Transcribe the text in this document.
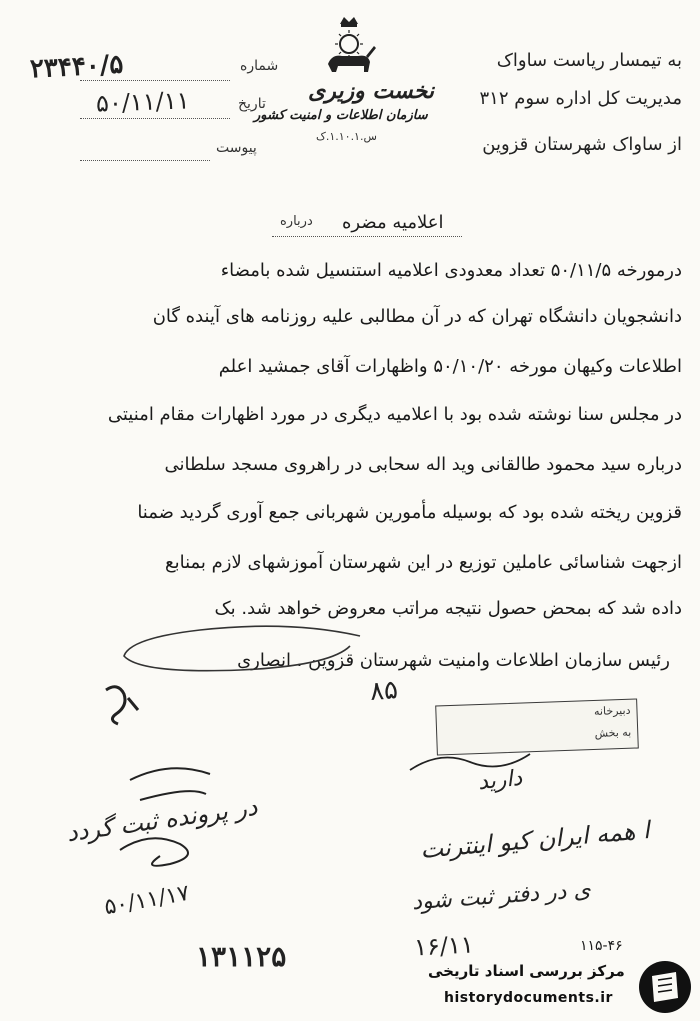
به تیمسار ریاست ساواک
مدیریت کل اداره سوم ۳۱۲
از ساواک شهرستان قزوین
شماره
۲۳۴۴۰/۵
تاریخ
۵۰/۱۱/۱۱
پیوست
نخست وزیری
سازمان اطلاعات و امنیت کشور
س.۱.۱۰.۱.ک
درباره اعلامیه مضره
درمورخه ۵۰/۱۱/۵ تعداد معدودی اعلامیه استنسیل شده بامضاء
دانشجویان دانشگاه تهران که در آن مطالبی علیه روزنامه های آینده گان
اطلاعات وکیهان مورخه ۵۰/۱۰/۲۰ واظهارات آقای جمشید اعلم
در مجلس سنا نوشته شده بود با اعلامیه دیگری در مورد اظهارات مقام امنیتی
درباره سید محمود طالقانی وید اله سحابی در راهروی مسجد سلطانی
قزوین ریخته شده بود که بوسیله مأمورین شهربانی جمع آوری گردید ضمنا
ازجهت شناسائی عاملین توزیع در این شهرستان آموزشهای لازم بمنابع
داده شد که بمحض حصول نتیجه مراتب معروض خواهد شد. بک
رئیس سازمان اطلاعات وامنیت شهرستان قزوین . انصاری
دبیرخانه
به بخش
۸۵
در پرونده ثبت گردد
۵۰/۱۱/۱۷
دارید
ا همه ایران کیو اینترنت
ی در دفتر ثبت شود
۱۶/۱۱
۱۳۱۱۲۵	۱۱۵-۴۶
مرکز بررسی اسناد تاریخی
historydocuments.ir
